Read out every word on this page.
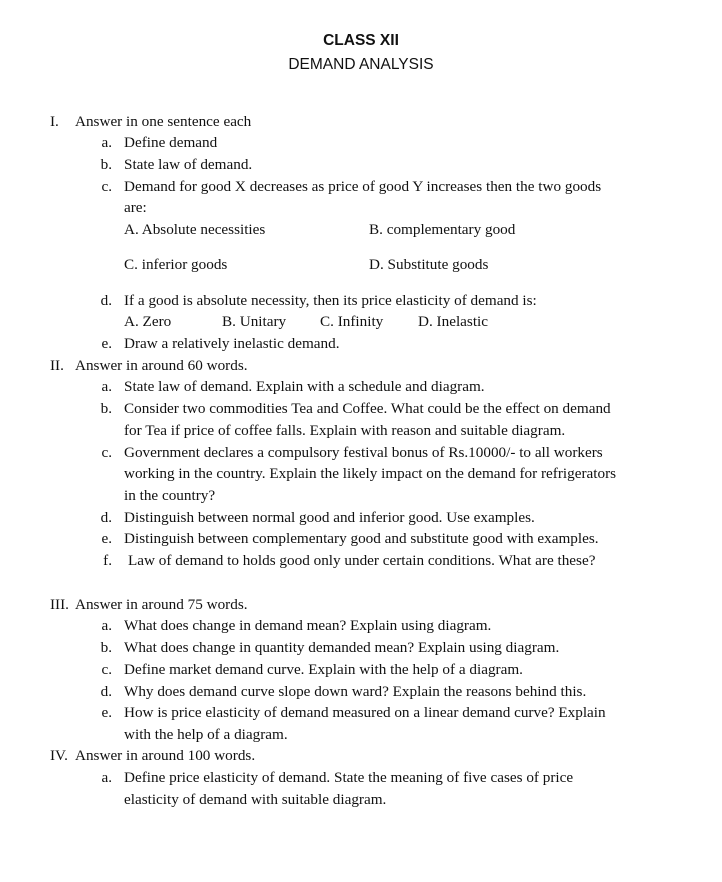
CLASS XII
DEMAND ANALYSIS
I. Answer in one sentence each
a. Define demand
b. State law of demand.
c. Demand for good X decreases as price of good Y increases then the two goods
are:
A. Absolute necessities	B. complementary good
C. inferior goods	D. Substitute goods
d. If a good is absolute necessity, then its price elasticity of demand is:
A. Zero	B. Unitary C. Infinity D. Inelastic
e. Draw a relatively inelastic demand.
II. Answer in around 60 words.
a. State law of demand. Explain with a schedule and diagram.
b. Consider two commodities Tea and Coffee. What could be the effect on demand
for Tea if price of coffee falls. Explain with reason and suitable diagram.
c. Government declares a compulsory festival bonus of Rs.10000/- to all workers
working in the country. Explain the likely impact on the demand for refrigerators
in the country?
d. Distinguish between normal good and inferior good. Use examples.
e. Distinguish between complementary good and substitute good with examples.
f. Law of demand to holds good only under certain conditions. What are these?
III. Answer in around 75 words.
a. What does change in demand mean? Explain using diagram.
b. What does change in quantity demanded mean? Explain using diagram.
c. Define market demand curve. Explain with the help of a diagram.
d. Why does demand curve slope down ward? Explain the reasons behind this.
e. How is price elasticity of demand measured on a linear demand curve? Explain
with the help of a diagram.
IV. Answer in around 100 words.
a. Define price elasticity of demand. State the meaning of five cases of price
elasticity of demand with suitable diagram.
